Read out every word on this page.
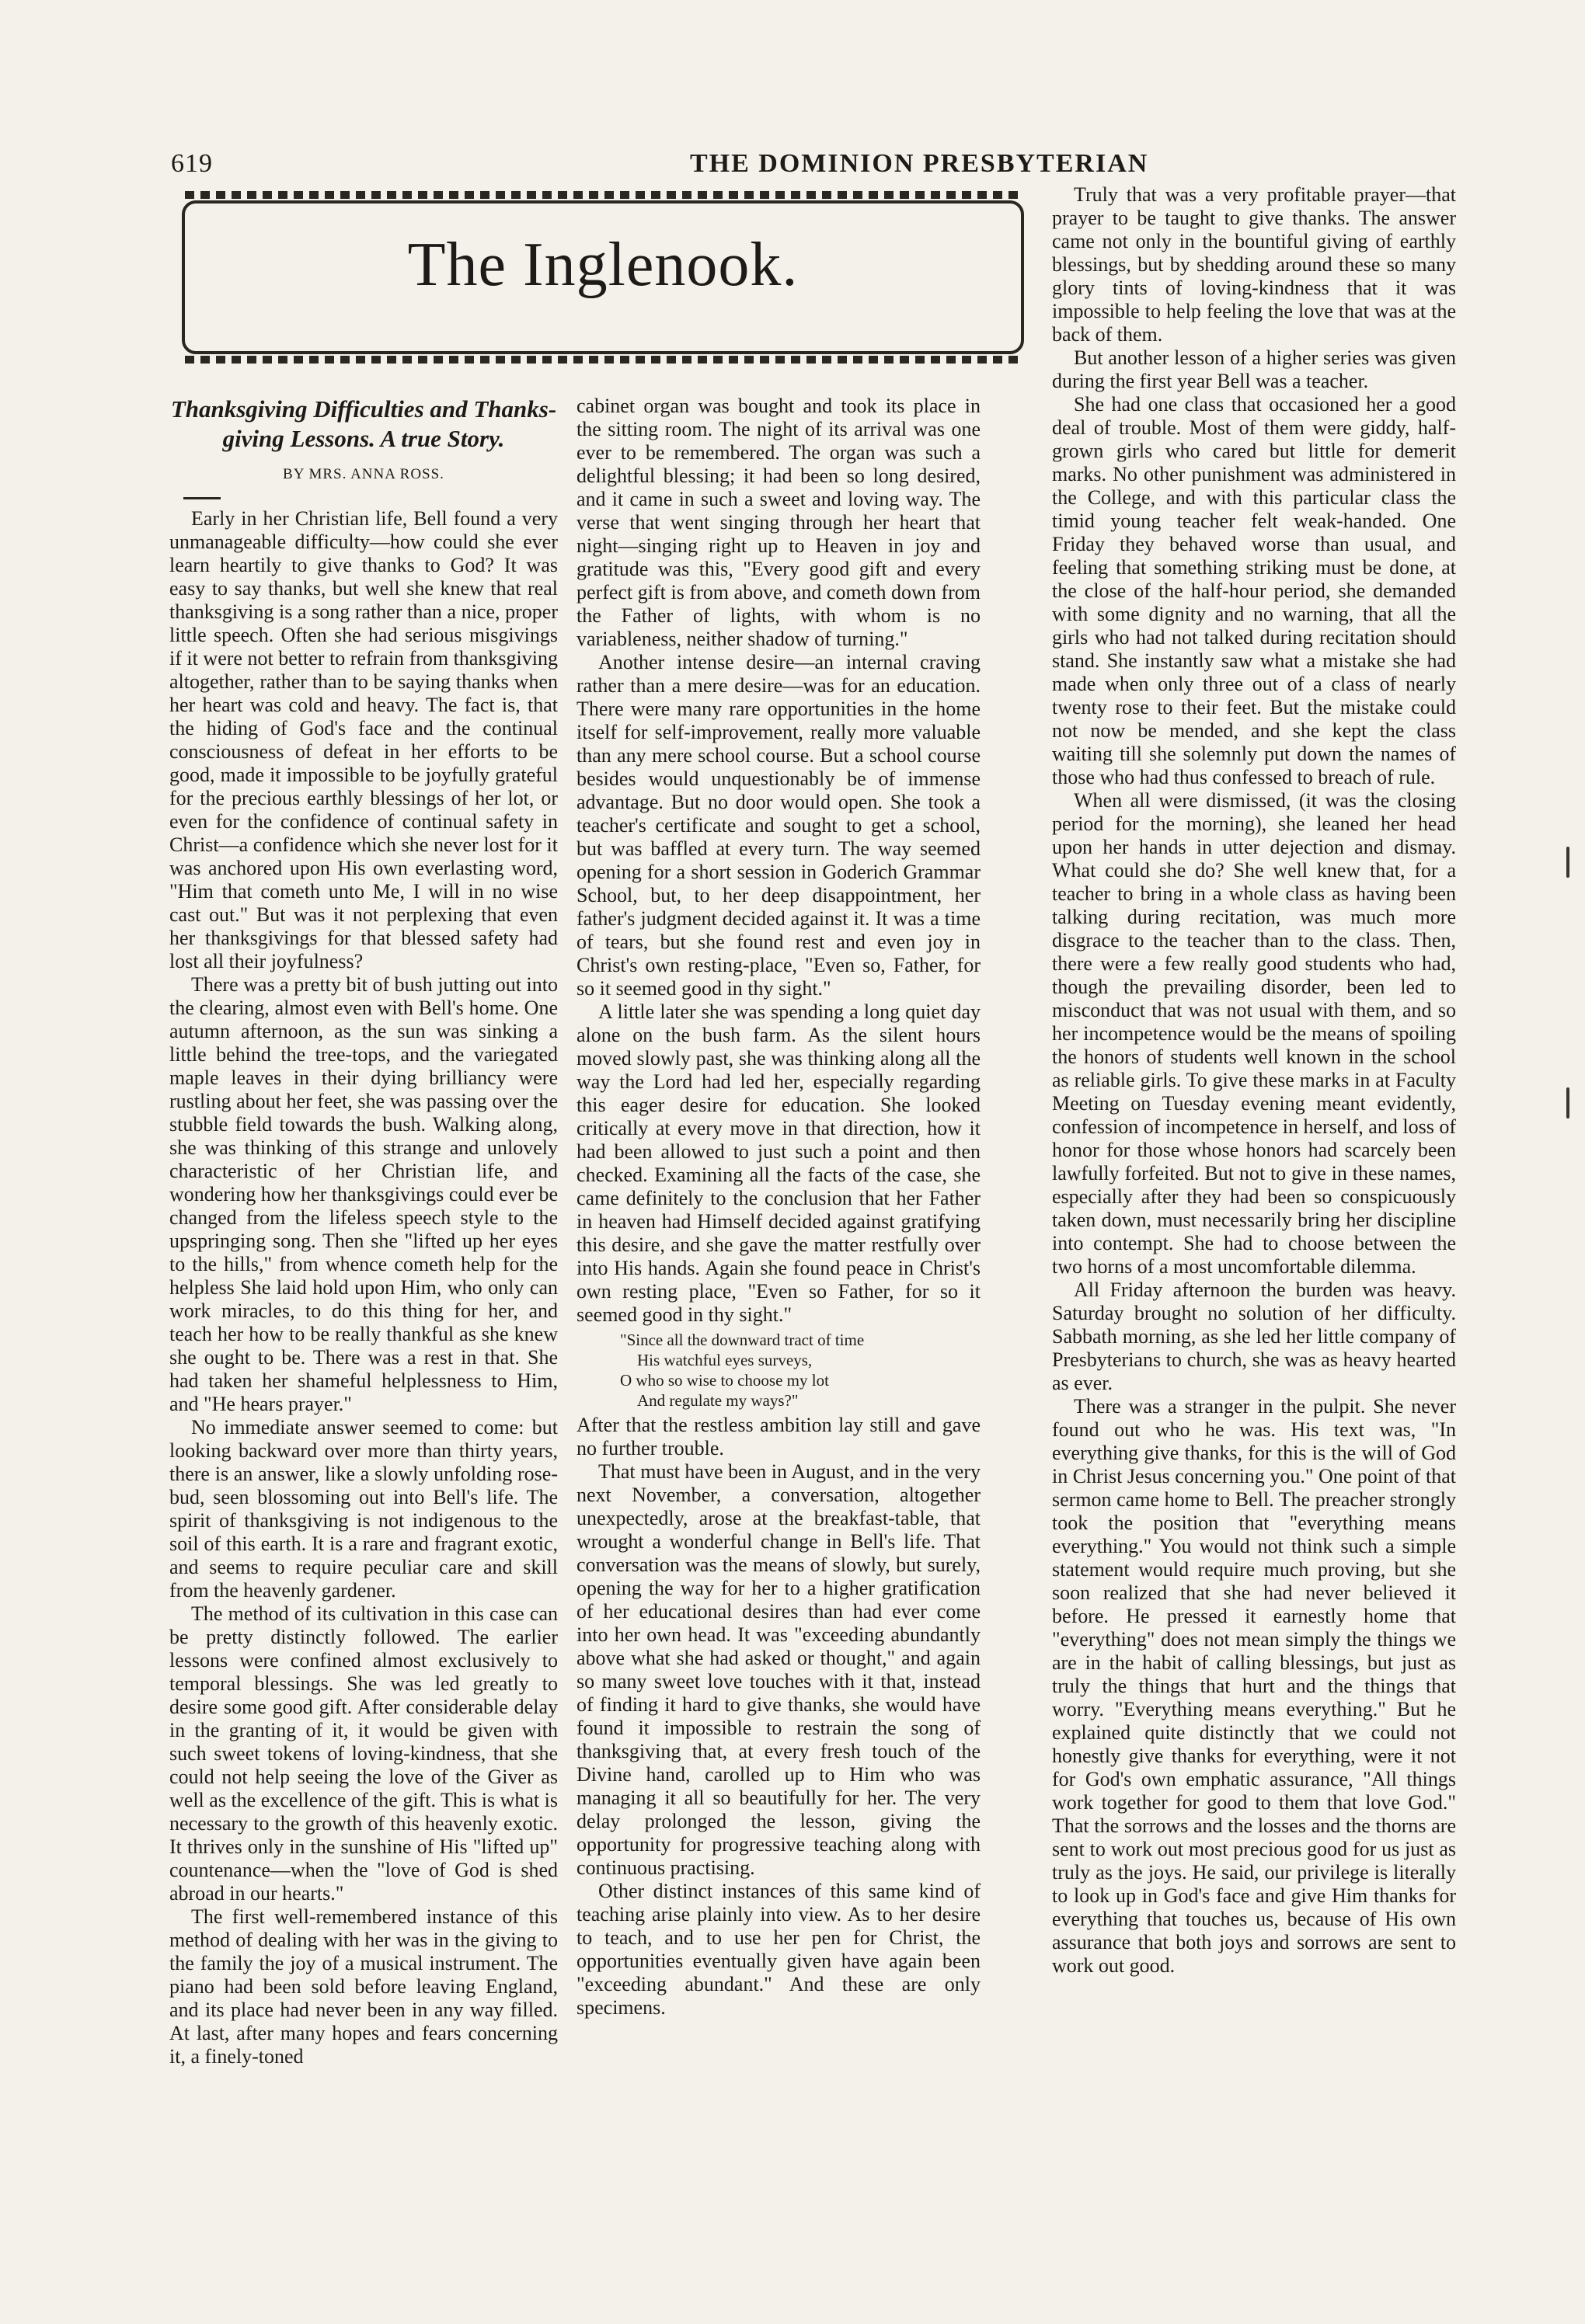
619	THE DOMINION PRESBYTERIAN
The Inglenook.
Thanksgiving Difficulties and Thanks-giving Lessons. A true Story.
BY MRS. ANNA ROSS.

Early in her Christian life, Bell found a very unmanageable difficulty—how could she ever learn heartily to give thanks to God? It was easy to say thanks, but well she knew that real thanksgiving is a song rather than a nice, proper little speech. Often she had serious misgivings if it were not better to refrain from thanksgiving altogether, rather than to be saying thanks when her heart was cold and heavy. The fact is, that the hiding of God's face and the continual consciousness of defeat in her efforts to be good, made it impossible to be joyfully grateful for the precious earthly blessings of her lot, or even for the confidence of continual safety in Christ—a confidence which she never lost for it was anchored upon His own everlasting word, "Him that cometh unto Me, I will in no wise cast out." But was it not perplexing that even her thanksgivings for that blessed safety had lost all their joyfulness?

There was a pretty bit of bush jutting out into the clearing, almost even with Bell's home. One autumn afternoon, as the sun was sinking a little behind the tree-tops, and the variegated maple leaves in their dying brilliancy were rustling about her feet, she was passing over the stubble field towards the bush. Walking along, she was thinking of this strange and unlovely characteristic of her Christian life, and wondering how her thanksgivings could ever be changed from the lifeless speech style to the upspringing song. Then she "lifted up her eyes to the hills," from whence cometh help for the helpless She laid hold upon Him, who only can work miracles, to do this thing for her, and teach her how to be really thankful as she knew she ought to be. There was a rest in that. She had taken her shameful helplessness to Him, and "He hears prayer."

No immediate answer seemed to come: but looking backward over more than thirty years, there is an answer, like a slowly unfolding rose-bud, seen blossoming out into Bell's life. The spirit of thanksgiving is not indigenous to the soil of this earth. It is a rare and fragrant exotic, and seems to require peculiar care and skill from the heavenly gardener.

The method of its cultivation in this case can be pretty distinctly followed. The earlier lessons were confined almost exclusively to temporal blessings. She was led greatly to desire some good gift. After considerable delay in the granting of it, it would be given with such sweet tokens of loving-kindness, that she could not help seeing the love of the Giver as well as the excellence of the gift. This is what is necessary to the growth of this heavenly exotic. It thrives only in the sunshine of His "lifted up" countenance—when the "love of God is shed abroad in our hearts."

The first well-remembered instance of this method of dealing with her was in the giving to the family the joy of a musical instrument. The piano had been sold before leaving England, and its place had never been in any way filled. At last, after many hopes and fears concerning it, a finely-toned

cabinet organ was bought and took its place in the sitting room. The night of its arrival was one ever to be remembered. The organ was such a delightful blessing; it had been so long desired, and it came in such a sweet and loving way. The verse that went singing through her heart that night—singing right up to Heaven in joy and gratitude was this, "Every good gift and every perfect gift is from above, and cometh down from the Father of lights, with whom is no variableness, neither shadow of turning."

Another intense desire—an internal craving rather than a mere desire—was for an education. There were many rare opportunities in the home itself for self-improvement, really more valuable than any mere school course. But a school course besides would unquestionably be of immense advantage. But no door would open. She took a teacher's certificate and sought to get a school, but was baffled at every turn. The way seemed opening for a short session in Goderich Grammar School, but, to her deep disappointment, her father's judgment decided against it. It was a time of tears, but she found rest and even joy in Christ's own resting-place, "Even so, Father, for so it seemed good in thy sight."

A little later she was spending a long quiet day alone on the bush farm. As the silent hours moved slowly past, she was thinking along all the way the Lord had led her, especially regarding this eager desire for education. She looked critically at every move in that direction, how it had been allowed to just such a point and then checked. Examining all the facts of the case, she came definitely to the conclusion that her Father in heaven had Himself decided against gratifying this desire, and she gave the matter restfully over into His hands. Again she found peace in Christ's own resting place, "Even so Father, for so it seemed good in thy sight."

"Since all the downward tract of time
His watchful eyes surveys,
O who so wise to choose my lot
And regulate my ways?"

After that the restless ambition lay still and gave no further trouble.

That must have been in August, and in the very next November, a conversation, altogether unexpectedly, arose at the breakfast-table, that wrought a wonderful change in Bell's life. That conversation was the means of slowly, but surely, opening the way for her to a higher gratification of her educational desires than had ever come into her own head. It was "exceeding abundantly above what she had asked or thought," and again so many sweet love touches with it that, instead of finding it hard to give thanks, she would have found it impossible to restrain the song of thanksgiving that, at every fresh touch of the Divine hand, carolled up to Him who was managing it all so beautifully for her. The very delay prolonged the lesson, giving the opportunity for progressive teaching along with continuous practising.

Other distinct instances of this same kind of teaching arise plainly into view. As to her desire to teach, and to use her pen for Christ, the opportunities eventually given have again been "exceeding abundant." And these are only specimens.

Truly that was a very profitable prayer—that prayer to be taught to give thanks. The answer came not only in the bountiful giving of earthly blessings, but by shedding around these so many glory tints of loving-kindness that it was impossible to help feeling the love that was at the back of them.

But another lesson of a higher series was given during the first year Bell was a teacher.

She had one class that occasioned her a good deal of trouble. Most of them were giddy, half-grown girls who cared but little for demerit marks. No other punishment was administered in the College, and with this particular class the timid young teacher felt weak-handed. One Friday they behaved worse than usual, and feeling that something striking must be done, at the close of the half-hour period, she demanded with some dignity and no warning, that all the girls who had not talked during recitation should stand. She instantly saw what a mistake she had made when only three out of a class of nearly twenty rose to their feet. But the mistake could not now be mended, and she kept the class waiting till she solemnly put down the names of those who had thus confessed to breach of rule.

When all were dismissed, (it was the closing period for the morning), she leaned her head upon her hands in utter dejection and dismay. What could she do? She well knew that, for a teacher to bring in a whole class as having been talking during recitation, was much more disgrace to the teacher than to the class. Then, there were a few really good students who had, though the prevailing disorder, been led to misconduct that was not usual with them, and so her incompetence would be the means of spoiling the honors of students well known in the school as reliable girls. To give these marks in at Faculty Meeting on Tuesday evening meant evidently, confession of incompetence in herself, and loss of honor for those whose honors had scarcely been lawfully forfeited. But not to give in these names, especially after they had been so conspicuously taken down, must necessarily bring her discipline into contempt. She had to choose between the two horns of a most uncomfortable dilemma.

All Friday afternoon the burden was heavy. Saturday brought no solution of her difficulty. Sabbath morning, as she led her little company of Presbyterians to church, she was as heavy hearted as ever.

There was a stranger in the pulpit. She never found out who he was. His text was, "In everything give thanks, for this is the will of God in Christ Jesus concerning you." One point of that sermon came home to Bell. The preacher strongly took the position that "everything means everything." You would not think such a simple statement would require much proving, but she soon realized that she had never believed it before. He pressed it earnestly home that "everything" does not mean simply the things we are in the habit of calling blessings, but just as truly the things that hurt and the things that worry. "Everything means everything." But he explained quite distinctly that we could not honestly give thanks for everything, were it not for God's own emphatic assurance, "All things work together for good to them that love God." That the sorrows and the losses and the thorns are sent to work out most precious good for us just as truly as the joys. He said, our privilege is literally to look up in God's face and give Him thanks for everything that touches us, because of His own assurance that both joys and sorrows are sent to work out good.
